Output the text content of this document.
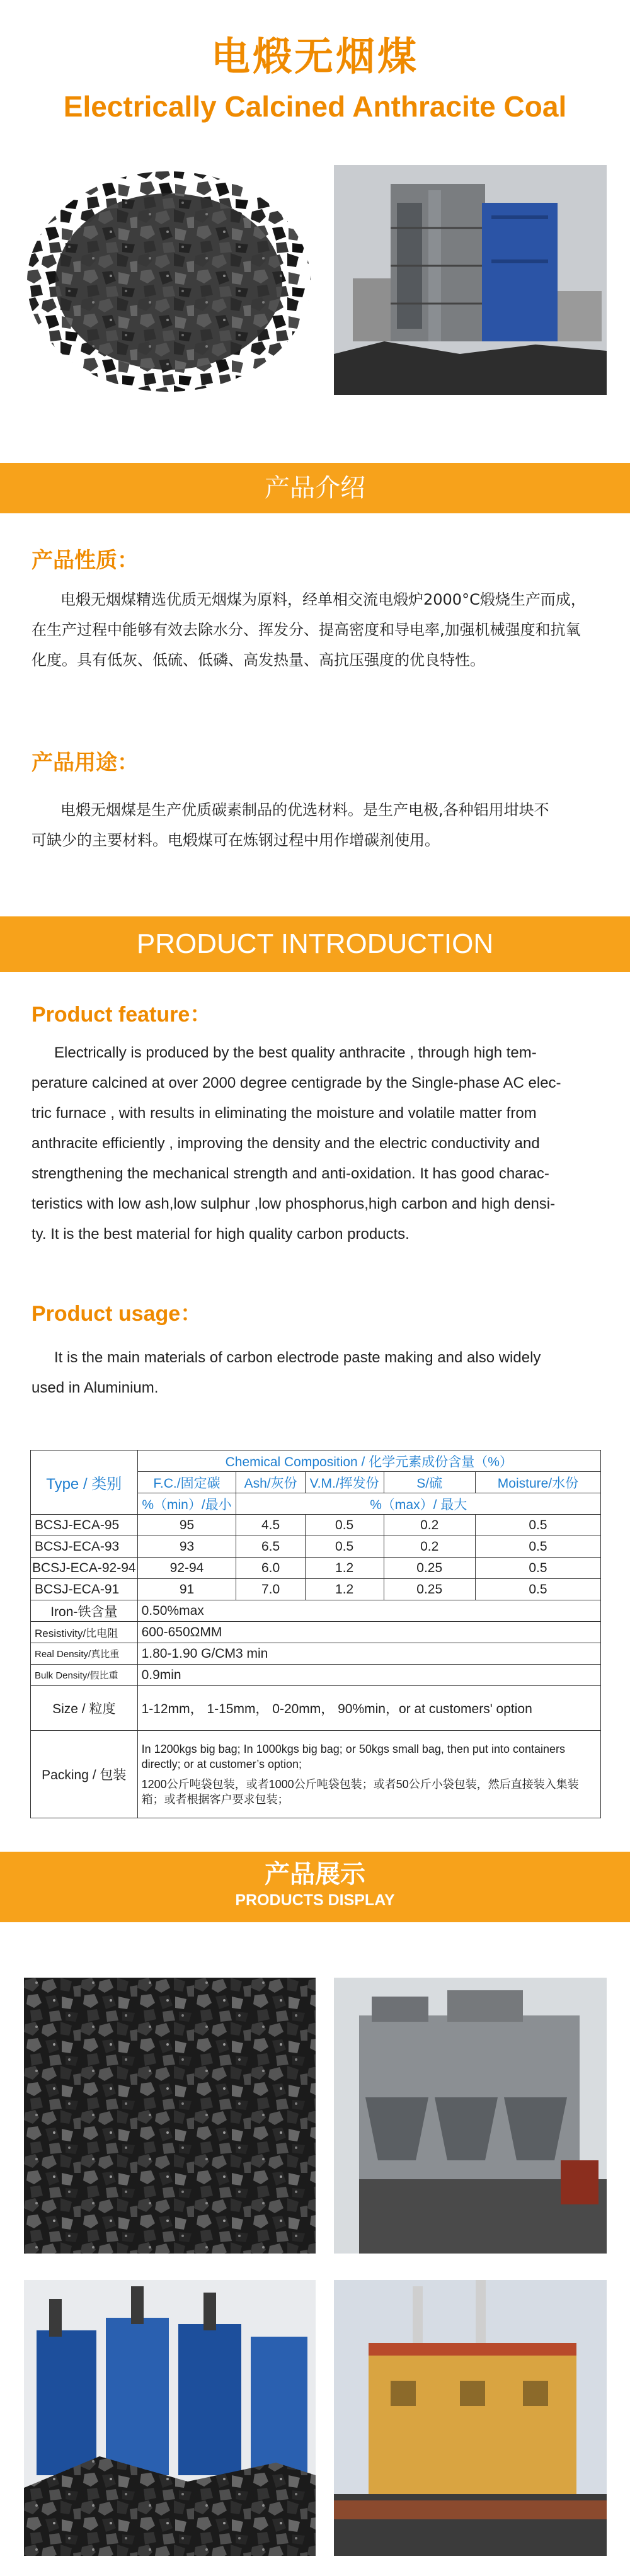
电煅无烟煤
Electrically Calcined Anthracite Coal
产品介绍
产品性质：
电煅无烟煤精选优质无烟煤为原料，经单相交流电煅炉2000°C煅烧生产而成，
在生产过程中能够有效去除水分、挥发分、提高密度和导电率,加强机械强度和抗氧
化度。具有低灰、低硫、低磷、高发热量、高抗压强度的优良特性。
产品用途：
电煅无烟煤是生产优质碳素制品的优选材料。是生产电极,各种铝用坩块不
可缺少的主要材料。电煅煤可在炼钢过程中用作增碳剂使用。
PRODUCT INTRODUCTION
Product feature：
Electrically is produced by the best quality anthracite , through high tem-
perature calcined at over 2000 degree centigrade by the Single-phase AC elec-
tric furnace , with results in eliminating the moisture and volatile matter from
anthracite efficiently , improving the density and the electric conductivity and
strengthening the mechanical strength and anti-oxidation. It has good charac-
teristics with low ash,low sulphur ,low phosphorus,high carbon and high densi-
ty. It is the best material for high quality carbon products.
Product usage：
It is the main materials of carbon electrode paste making and also widely
used in Aluminium.
Type / 类别	Chemical Composition / 化学元素成份含量（%）				
	F.C./固定碳	Ash/灰份	V.M./挥发份	S/硫	Moisture/水份
	%（min）/最小	%（max）/ 最大			
BCSJ-ECA-95	95	4.5	0.5	0.2	0.5
BCSJ-ECA-93	93	6.5	0.5	0.2	0.5
BCSJ-ECA-92-94	92-94	6.0	1.2	0.25	0.5
BCSJ-ECA-91	91	7.0	1.2	0.25	0.5
Iron-铁含量	0.50%max				
Resistivity/比电阻	600-650ΩMM				
Real Density/真比重	1.80-1.90 G/CM3 min				
Bulk Density/假比重	0.9min				
Size / 粒度	1-12mm， 1-15mm， 0-20mm， 90%min，or at customers' option				
Packing / 包装	In 1200kgs big bag; In 1000kgs big bag; or 50kgs small bag, then put into containers directly; or at customer’s option;
1200公斤吨袋包装，或者1000公斤吨袋包装；或者50公斤小袋包装，然后直接装入集装箱；或者根据客户要求包装；				
产品展示
PRODUCTS DISPLAY
